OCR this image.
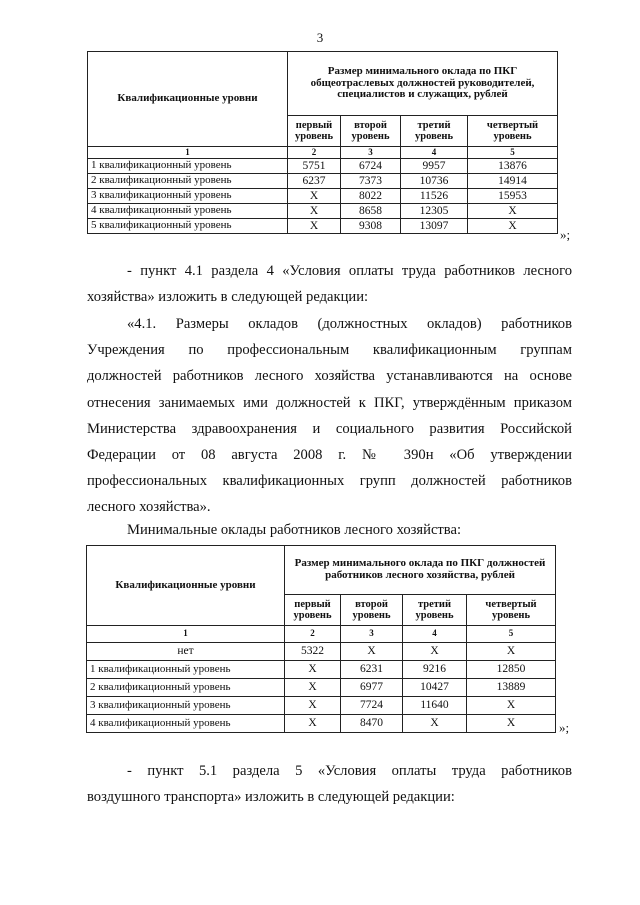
3
Квалификационные уровни	Размер минимального оклада по ПКГ общеотраслевых должностей руководителей, специалистов и служащих, рублей			
	первый уровень	второй уровень	третий уровень	четвертый уровень
1	2	3	4	5
1 квалификационный уровень	5751	6724	9957	13876
2 квалификационный уровень	6237	7373	10736	14914
3 квалификационный уровень	Х	8022	11526	15953
4 квалификационный уровень	Х	8658	12305	Х
5 квалификационный уровень	Х	9308	13097	Х
»;
- пункт 4.1 раздела 4 «Условия оплаты труда работников лесного
хозяйства» изложить в следующей редакции:
«4.1. Размеры окладов (должностных окладов) работников
Учреждения по профессиональным квалификационным группам
должностей работников лесного хозяйства устанавливаются на основе
отнесения занимаемых ими должностей к ПКГ, утверждённым приказом
Министерства здравоохранения и социального развития Российской
Федерации от 08 августа 2008 г. № 390н «Об утверждении
профессиональных квалификационных групп должностей работников
лесного хозяйства».
Минимальные оклады работников лесного хозяйства:
Квалификационные уровни	Размер минимального оклада по ПКГ должностей работников лесного хозяйства, рублей			
	первый уровень	второй уровень	третий уровень	четвертый уровень
1	2	3	4	5
нет	5322	Х	Х	Х
1 квалификационный уровень	Х	6231	9216	12850
2 квалификационный уровень	Х	6977	10427	13889
3 квалификационный уровень	Х	7724	11640	Х
4 квалификационный уровень	Х	8470	Х	Х	»;
- пункт 5.1 раздела 5 «Условия оплаты труда работников
воздушного транспорта» изложить в следующей редакции:
